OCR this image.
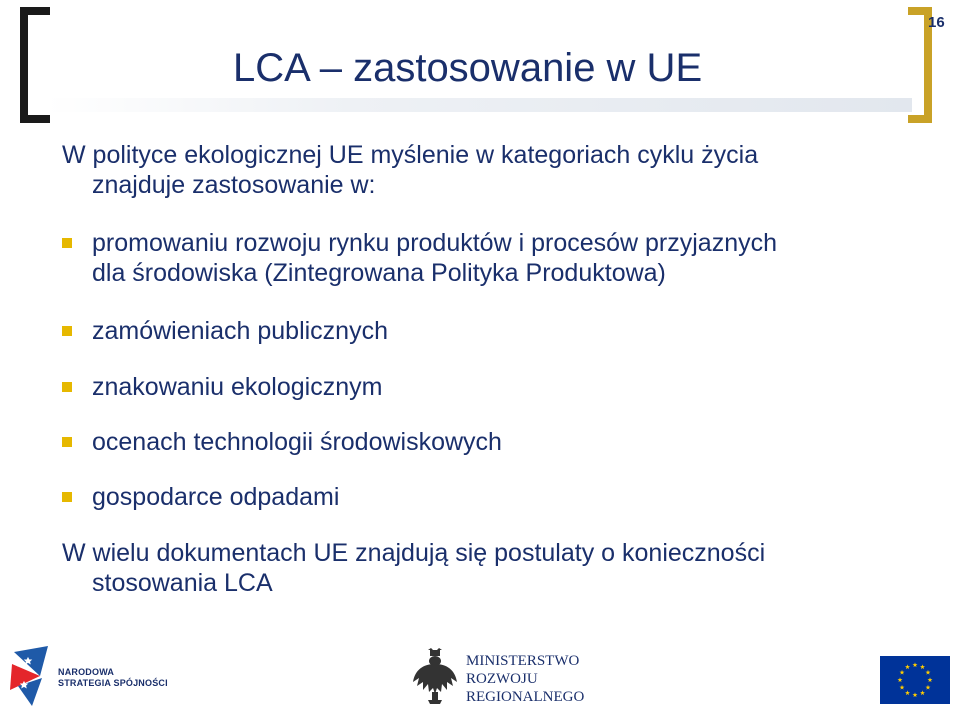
16
LCA – zastosowanie w UE
W polityce ekologicznej UE myślenie w kategoriach cyklu życia
znajduje zastosowanie w:
promowaniu rozwoju rynku produktów i procesów przyjaznych
dla środowiska (Zintegrowana Polityka Produktowa)
zamówieniach publicznych
znakowaniu ekologicznym
ocenach technologii środowiskowych
gospodarce odpadami
W wielu dokumentach UE znajdują się postulaty o konieczności
stosowania LCA
NARODOWA
STRATEGIA SPÓJNOŚCI
MINISTERSTWO
ROZWOJU
REGIONALNEGO
